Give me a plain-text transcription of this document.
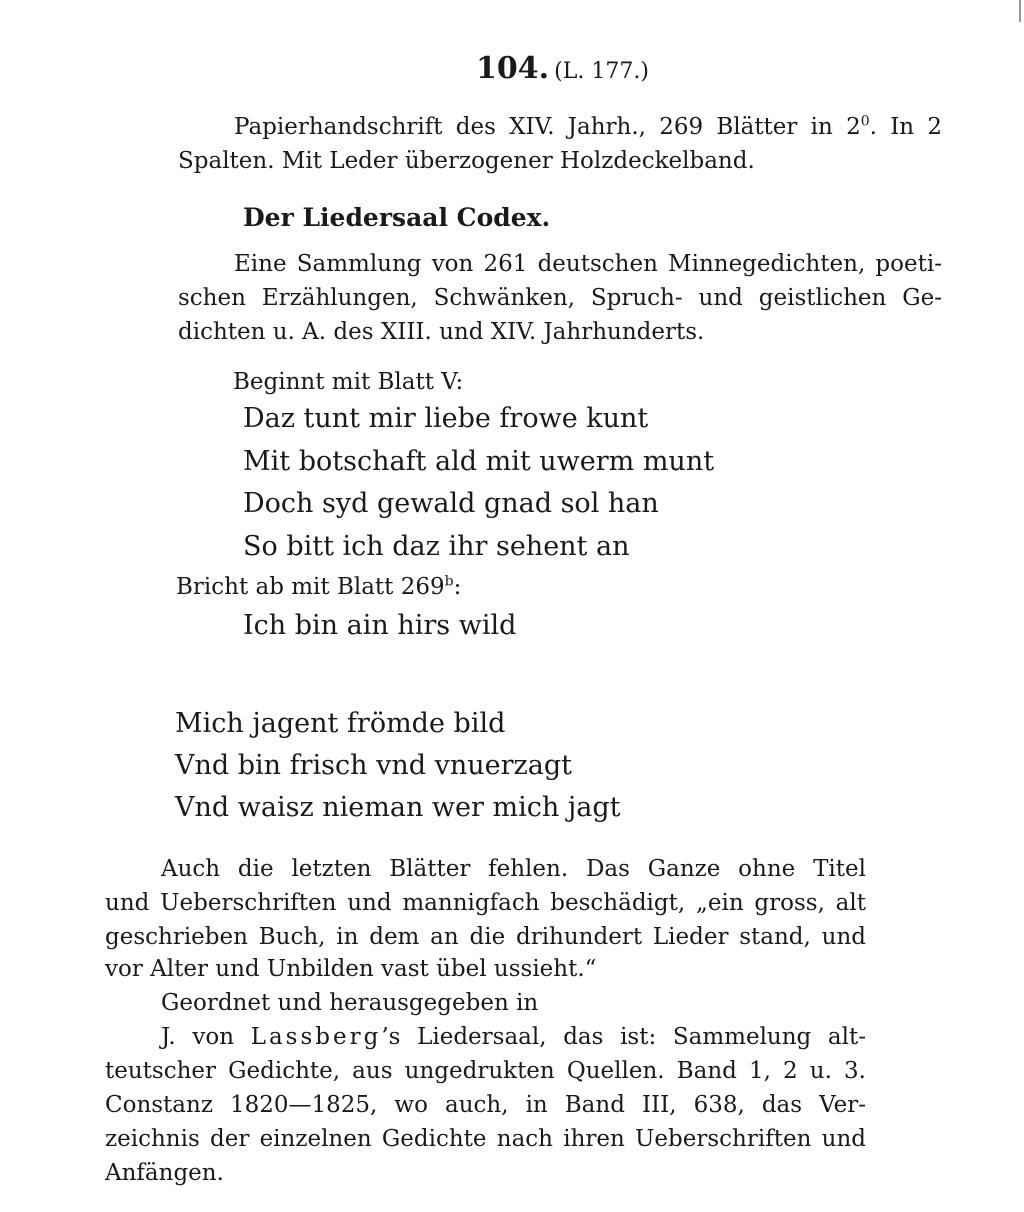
104. (L. 177.)
Papierhandschrift des XIV. Jahrh., 269 Blätter in $2^0$. In 2
Spalten. Mit Leder überzogener Holzdeckelband.
Der Liedersaal Codex.
Eine Sammlung von 261 deutschen Minnegedichten, poeti-
schen Erzählungen, Schwänken, Spruch- und geistlichen Ge-
dichten u. A. des XIII. und XIV. Jahrhunderts.
Beginnt mit Blatt V:
Daz tunt mir liebe frowe kunt
Mit botschaft ald mit uwerm munt
Doch syd gewald gnad sol han
So bitt ich daz ihr sehent an
Bricht ab mit Blatt 269$^b$:
Ich bin ain hirs wild
Mich jagent frömde bild
Vnd bin frisch vnd vnuerzagt
Vnd waisz nieman wer mich jagt
Auch die letzten Blätter fehlen. Das Ganze ohne Titel
und Ueberschriften und mannigfach beschädigt, „ein gross, alt
geschrieben Buch, in dem an die drihundert Lieder stand, und
vor Alter und Unbilden vast übel ussieht.“
Geordnet und herausgegeben in
J. von Lassberg’s Liedersaal, das ist: Sammelung alt-
teutscher Gedichte, aus ungedrukten Quellen. Band 1, 2 u. 3.
Constanz 1820—1825, wo auch, in Band III, 638, das Ver-
zeichnis der einzelnen Gedichte nach ihren Ueberschriften und
Anfängen.
